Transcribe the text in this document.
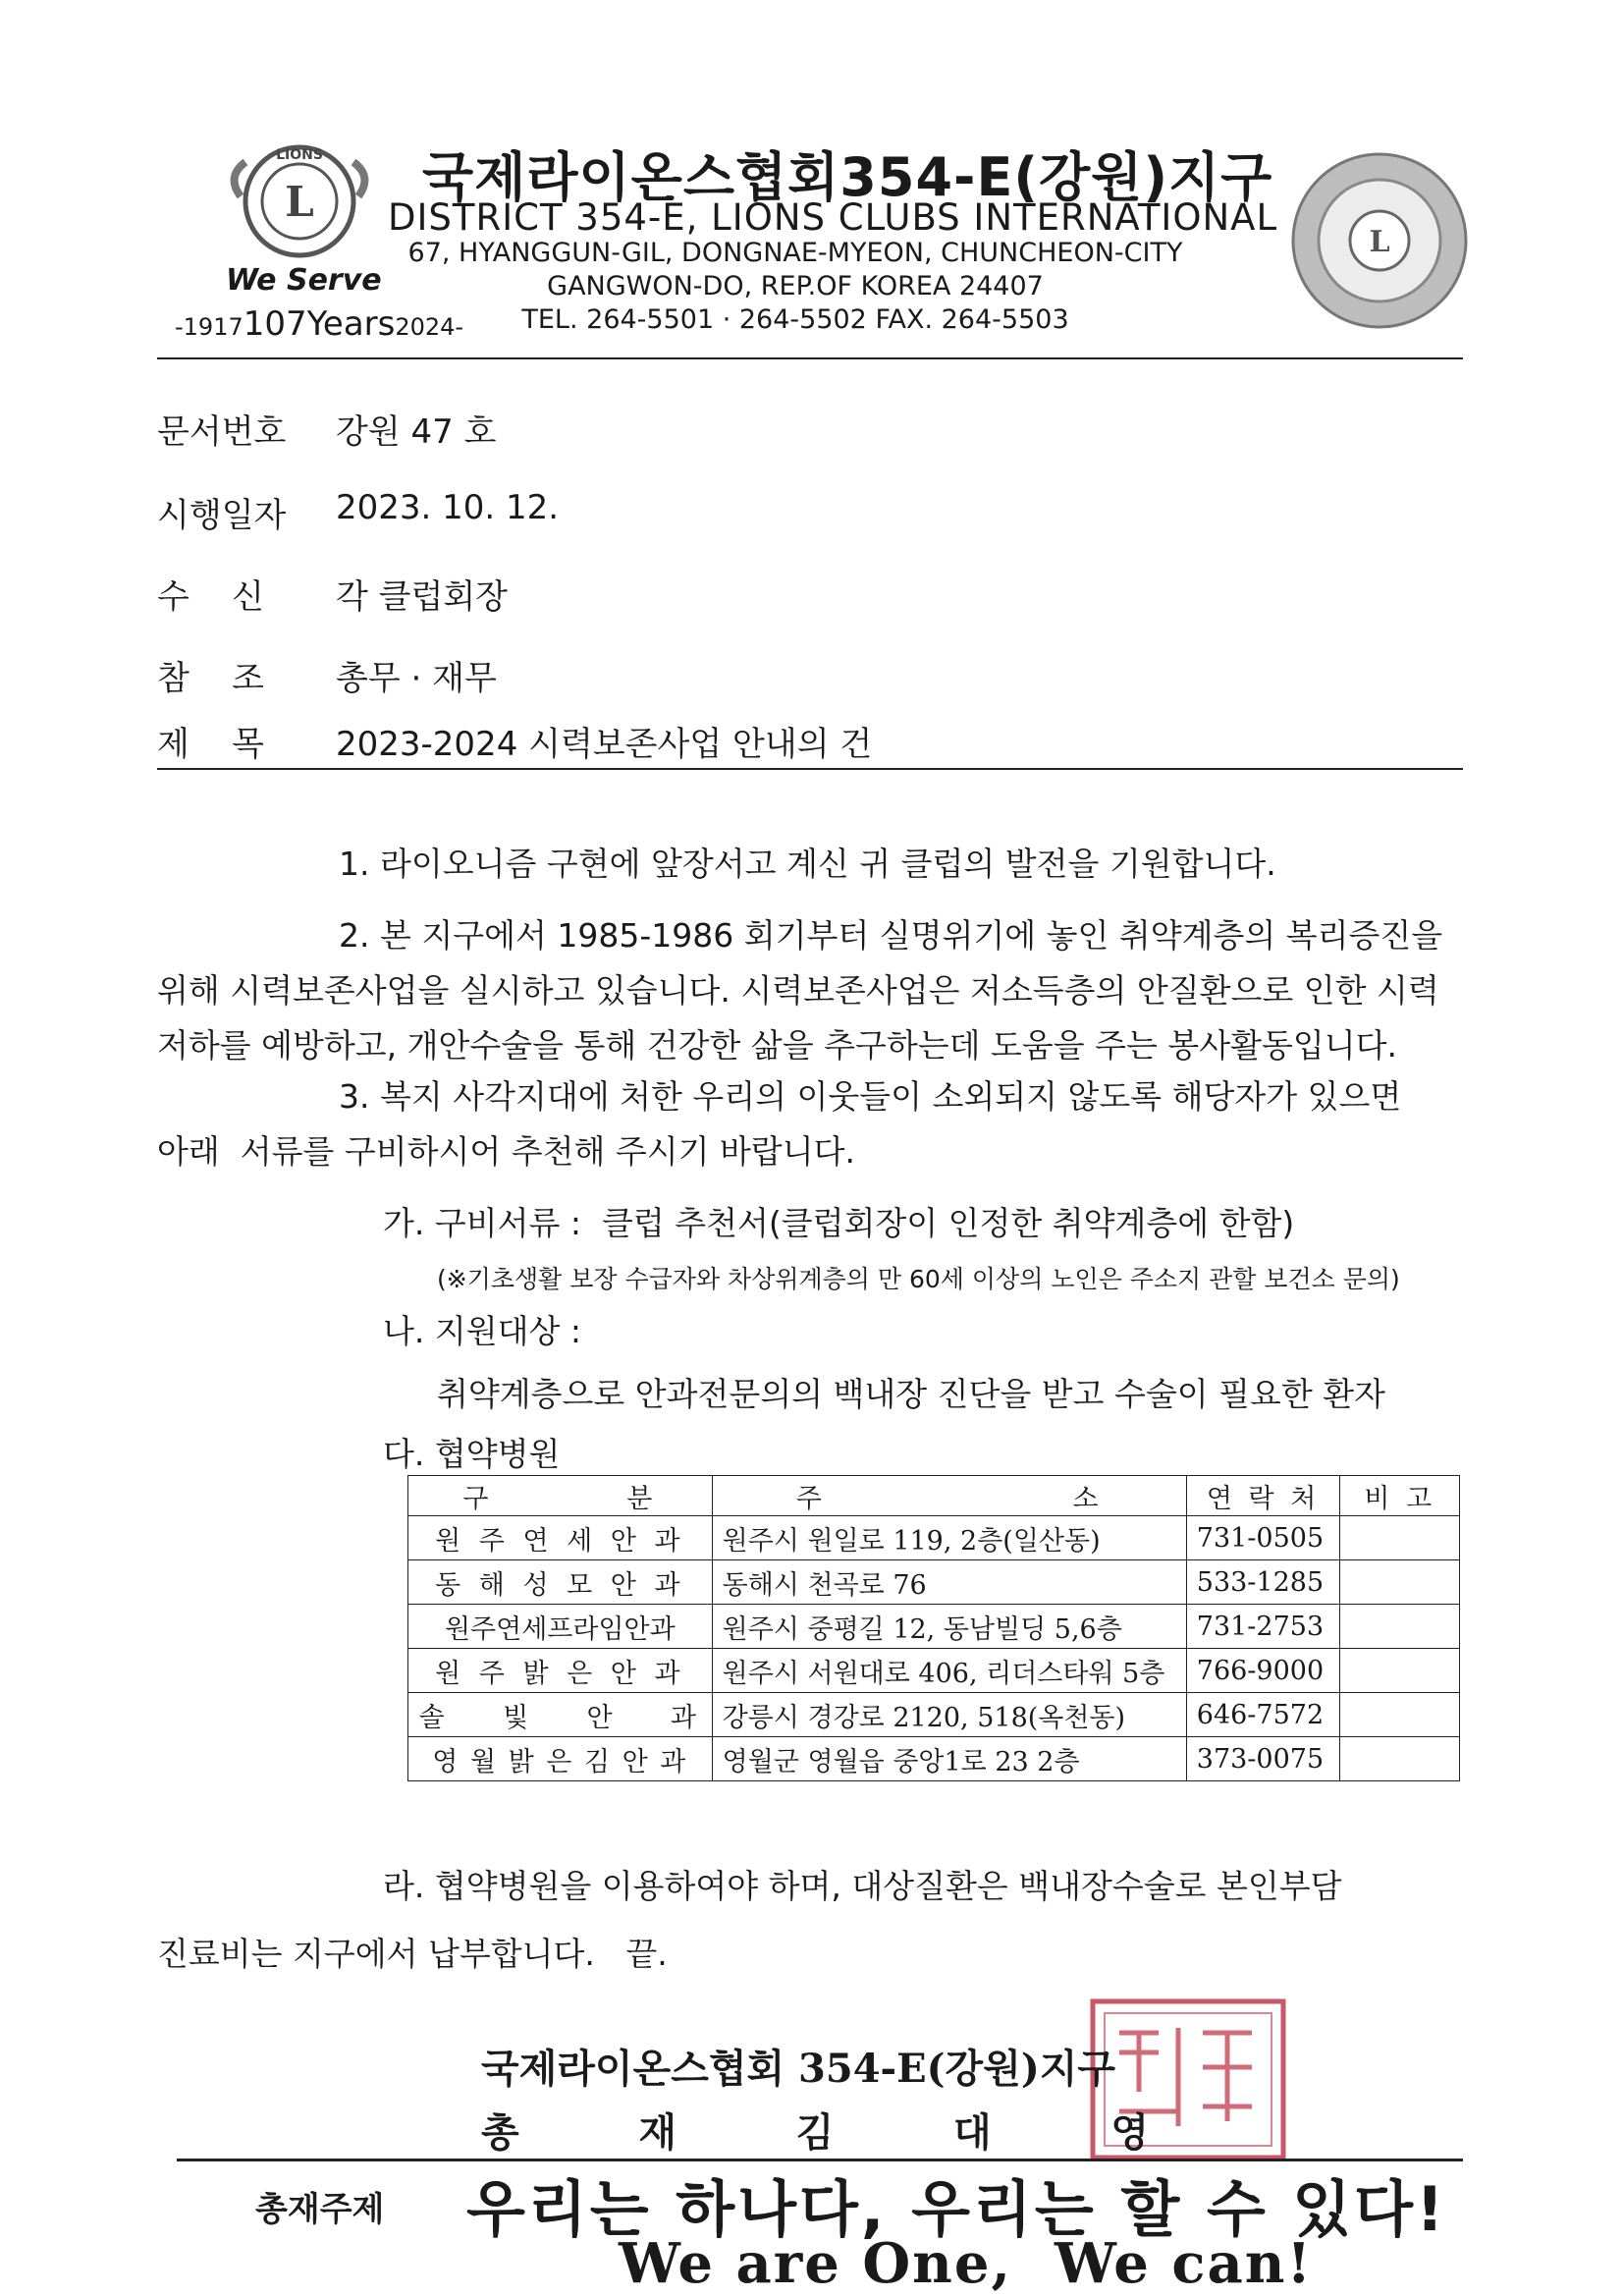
L
LIONS
We Serve
-1917107Years2024-
국제라이온스협회354-E(강원)지구
DISTRICT 354-E, LIONS CLUBS INTERNATIONAL
67, HYANGGUN-GIL, DONGNAE-MYEON, CHUNCHEON-CITY
GANGWON-DO, REP.OF KOREA 24407
TEL. 264-5501 · 264-5502 FAX. 264-5503
L
문서번호 강원 47 호
시행일자 2023. 10. 12.
수    신 각 클럽회장
참    조 총무 · 재무
제    목 2023-2024 시력보존사업 안내의 건
1. 라이오니즘 구현에 앞장서고 계신 귀 클럽의 발전을 기원합니다.
2. 본 지구에서 1985-1986 회기부터 실명위기에 놓인 취약계층의 복리증진을
위해 시력보존사업을 실시하고 있습니다. 시력보존사업은 저소득층의 안질환으로 인한 시력
저하를 예방하고, 개안수술을 통해 건강한 삶을 추구하는데 도움을 주는 봉사활동입니다.
3. 복지 사각지대에 처한 우리의 이웃들이 소외되지 않도록 해당자가 있으면
아래  서류를 구비하시어 추천해 주시기 바랍니다.
가. 구비서류 :  클럽 추천서(클럽회장이 인정한 취약계층에 한함)
(※기초생활 보장 수급자와 차상위계층의 만 60세 이상의 노인은 주소지 관할 보건소 문의)
나. 지원대상 :
취약계층으로 안과전문의의 백내장 진단을 받고 수술이 필요한 환자
다. 협약병원
구          분	주                    소	연 락 처	비 고
원 주 연 세 안 과	원주시 원일로 119, 2층(일산동)	731-0505	
동 해 성 모 안 과	동해시 천곡로 76	533-1285	
원주연세프라임안과	원주시 중평길 12, 동남빌딩 5,6층	731-2753	
원 주 밝 은 안 과	원주시 서원대로 406, 리더스타워 5층	766-9000	
솔    빛    안    과	강릉시 경강로 2120, 518(옥천동)	646-7572	
영 월 밝 은 김 안 과	영월군 영월읍 중앙1로 23 2층	373-0075	
라. 협약병원을 이용하여야 하며, 대상질환은 백내장수술로 본인부담
진료비는 지구에서 납부합니다.   끝.
국제라이온스협회 354-E(강원)지구
총	재	김	대	영
총재주제 우리는 하나다, 우리는 할 수 있다!
We are One,  We can!
